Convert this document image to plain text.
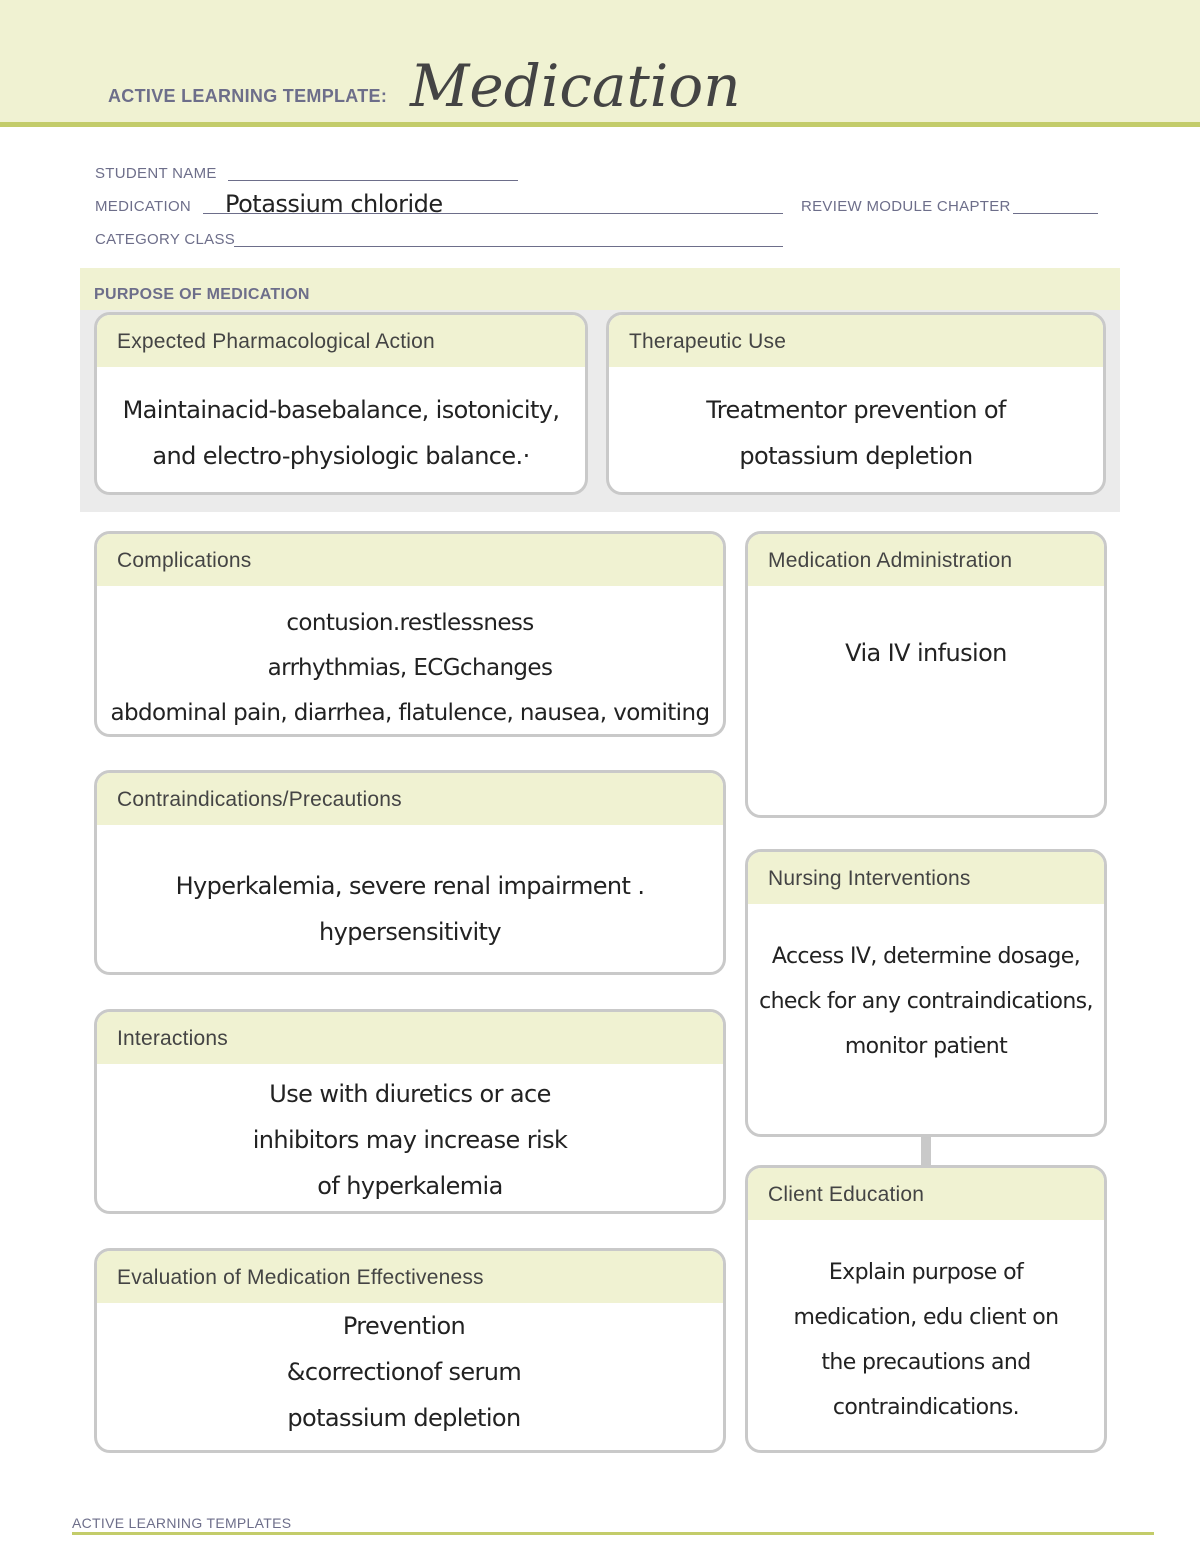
ACTIVE LEARNING TEMPLATE: Medication
STUDENT NAME
MEDICATION Potassium chloride	REVIEW MODULE CHAPTER
CATEGORY CLASS
PURPOSE OF MEDICATION
Expected Pharmacological Action
Maintainacid-basebalance, isotonicity,
and electro-physiologic balance.·
Therapeutic Use
Treatmentor prevention of
potassium depletion
Complications
contusion.restlessness
arrhythmias, ECGchanges
abdominal pain, diarrhea, flatulence, nausea, vomiting
Contraindications/Precautions
Hyperkalemia, severe renal impairment .
hypersensitivity
Interactions
Use with diuretics or ace
inhibitors may increase risk
of hyperkalemia
Evaluation of Medication Effectiveness
Prevention
&correctionof serum
potassium depletion
Medication Administration
Via IV infusion
Nursing Interventions
Access IV, determine dosage,
check for any contraindications,
monitor patient
Client Education
Explain purpose of
medication, edu client on
the precautions and
contraindications.
ACTIVE LEARNING TEMPLATES
